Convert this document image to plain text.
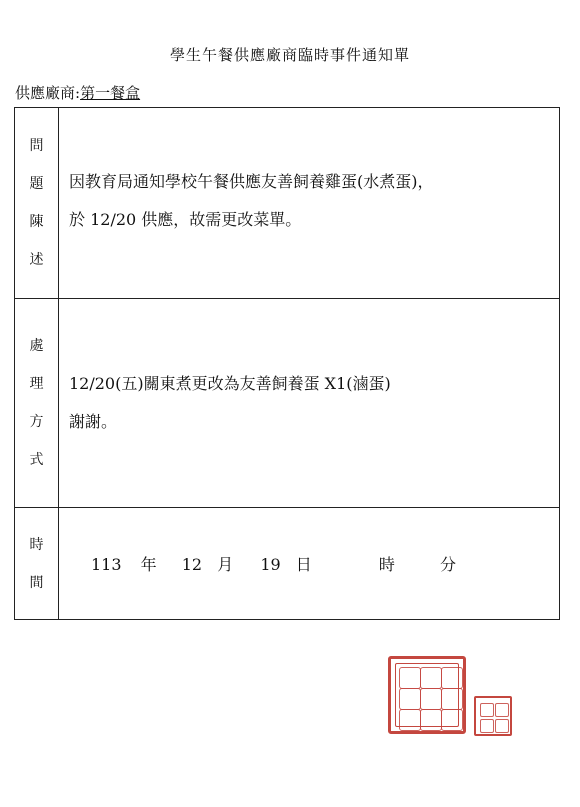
學生午餐供應廠商臨時事件通知單
供應廠商:第一餐盒
問
題
陳
述	因教育局通知學校午餐供應友善飼養雞蛋(水煮蛋)，
於 12/20 供應，故需更改菜單。

處
理
方
式	12/20(五)關東煮更改為友善飼養蛋 X1(滷蛋)
謝謝。

時
間	113 年 12 月 19 日 時 分
